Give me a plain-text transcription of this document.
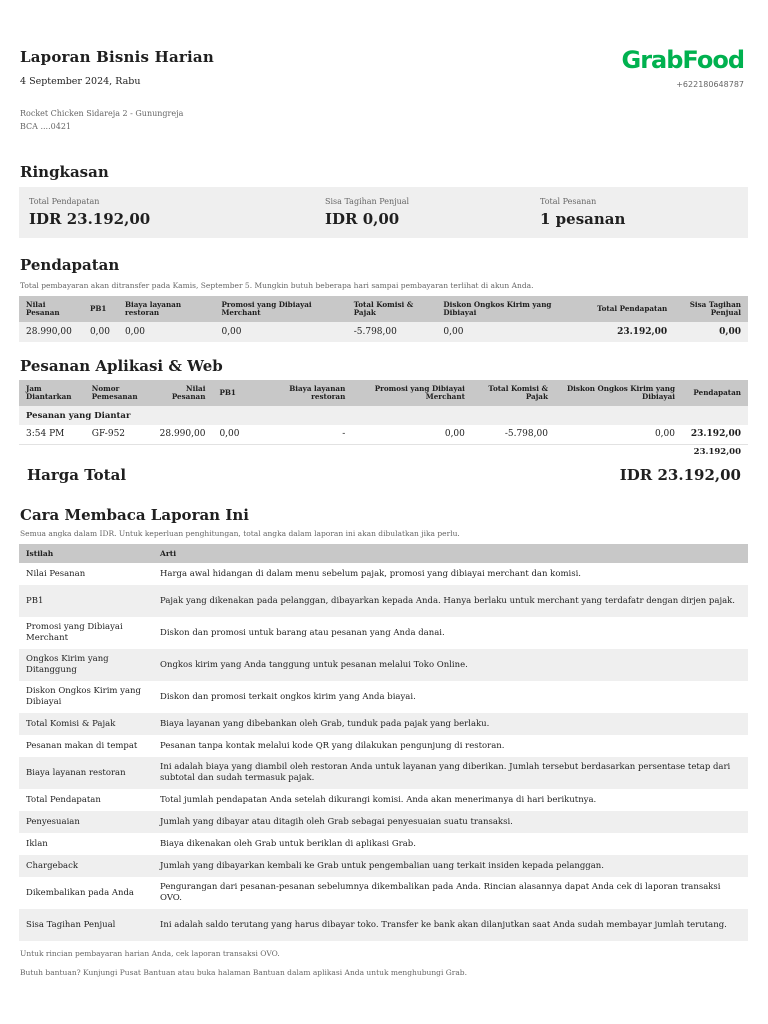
Laporan Bisnis Harian
4 September 2024, Rabu
Rocket Chicken Sidareja 2 - Gunungreja
BCA ....0421
GrabFood
+622180648787
Ringkasan
Total Pendapatan
IDR 23.192,00
Sisa Tagihan Penjual
IDR 0,00
Total Pesanan
1 pesanan
Pendapatan
Total pembayaran akan ditransfer pada Kamis, September 5. Mungkin butuh beberapa hari sampai pembayaran terlihat di akun Anda.
Nilai Pesanan	PB1	Biaya layanan restoran	Promosi yang Dibiayai Merchant	Total Komisi & Pajak	Diskon Ongkos Kirim yang Dibiayai	Total Pendapatan	Sisa Tagihan Penjual
28.990,00	0,00	0,00	0,00	-5.798,00	0,00	23.192,00	0,00
Pesanan Aplikasi & Web
Jam Diantarkan	Nomor Pemesanan	Nilai Pesanan	PB1	Biaya layanan restoran	Promosi yang Dibiayai Merchant	Total Komisi & Pajak	Diskon Ongkos Kirim yang Dibiayai	Pendapatan
Pesanan yang Diantar								
3:54 PM	GF-952	28.990,00	0,00	-	0,00	-5.798,00	0,00	23.192,00
								23.192,00
Harga Total	IDR 23.192,00
Cara Membaca Laporan Ini
Semua angka dalam IDR. Untuk keperluan penghitungan, total angka dalam laporan ini akan dibulatkan jika perlu.
Istilah	Arti
Nilai Pesanan	Harga awal hidangan di dalam menu sebelum pajak, promosi yang dibiayai merchant dan komisi.
PB1	Pajak yang dikenakan pada pelanggan, dibayarkan kepada Anda. Hanya berlaku untuk merchant yang terdafatr dengan dirjen pajak.
Promosi yang Dibiayai Merchant	Diskon dan promosi untuk barang atau pesanan yang Anda danai.
Ongkos Kirim yang Ditanggung	Ongkos kirim yang Anda tanggung untuk pesanan melalui Toko Online.
Diskon Ongkos Kirim yang Dibiayai	Diskon dan promosi terkait ongkos kirim yang Anda biayai.
Total Komisi & Pajak	Biaya layanan yang dibebankan oleh Grab, tunduk pada pajak yang berlaku.
Pesanan makan di tempat	Pesanan tanpa kontak melalui kode QR yang dilakukan pengunjung di restoran.
Biaya layanan restoran	Ini adalah biaya yang diambil oleh restoran Anda untuk layanan yang diberikan. Jumlah tersebut berdasarkan persentase tetap dari subtotal dan sudah termasuk pajak.
Total Pendapatan	Total jumlah pendapatan Anda setelah dikurangi komisi. Anda akan menerimanya di hari berikutnya.
Penyesuaian	Jumlah yang dibayar atau ditagih oleh Grab sebagai penyesuaian suatu transaksi.
Iklan	Biaya dikenakan oleh Grab untuk beriklan di aplikasi Grab.
Chargeback	Jumlah yang dibayarkan kembali ke Grab untuk pengembalian uang terkait insiden kepada pelanggan.
Dikembalikan pada Anda	Pengurangan dari pesanan-pesanan sebelumnya dikembalikan pada Anda. Rincian alasannya dapat Anda cek di laporan transaksi OVO.
Sisa Tagihan Penjual	Ini adalah saldo terutang yang harus dibayar toko. Transfer ke bank akan dilanjutkan saat Anda sudah membayar jumlah terutang.
Untuk rincian pembayaran harian Anda, cek laporan transaksi OVO.
Butuh bantuan? Kunjungi Pusat Bantuan atau buka halaman Bantuan dalam aplikasi Anda untuk menghubungi Grab.
